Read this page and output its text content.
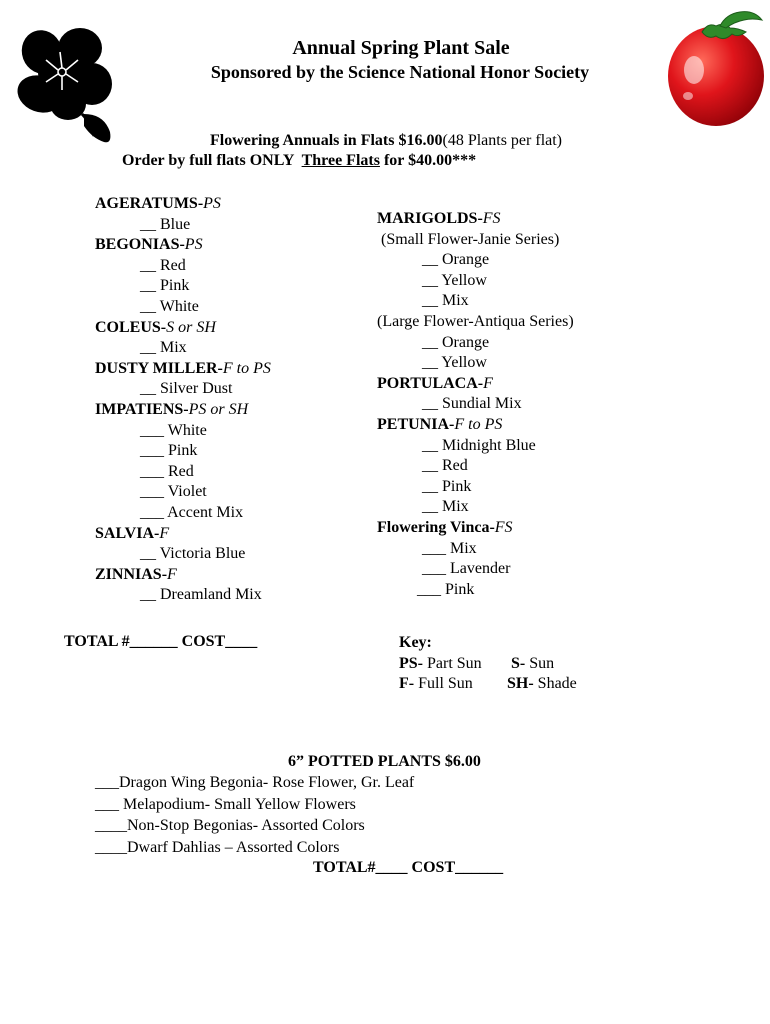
Annual Spring Plant Sale
Sponsored by the Science National Honor Society
Flowering Annuals in Flats $16.00(48 Plants per flat)
Order by full flats ONLY  Three Flats for $40.00***
AGERATUMS-PS
__ Blue
BEGONIAS-PS
__ Red
__ Pink
__ White
COLEUS-S or SH
__ Mix
DUSTY MILLER-F to PS
__ Silver Dust
IMPATIENS-PS or SH
___ White
___ Pink
___ Red
___ Violet
___ Accent Mix
SALVIA-F
__ Victoria Blue
ZINNIAS-F
__ Dreamland Mix
MARIGOLDS-FS
(Small Flower-Janie Series)
__ Orange
__ Yellow
__ Mix
(Large Flower-Antiqua Series)
__ Orange
__ Yellow
PORTULACA-F
__ Sundial Mix
PETUNIA-F to PS
__ Midnight Blue
__ Red
__ Pink
__ Mix
Flowering Vinca-FS
___ Mix
___ Lavender
___ Pink
TOTAL #______ COST____	Key:
PS- Part Sun S- Sun
F- Full Sun SH- Shade
6” POTTED PLANTS $6.00
___Dragon Wing Begonia- Rose Flower, Gr. Leaf
___ Melapodium- Small Yellow Flowers
____Non-Stop Begonias- Assorted Colors
____Dwarf Dahlias – Assorted Colors
TOTAL#____ COST______
